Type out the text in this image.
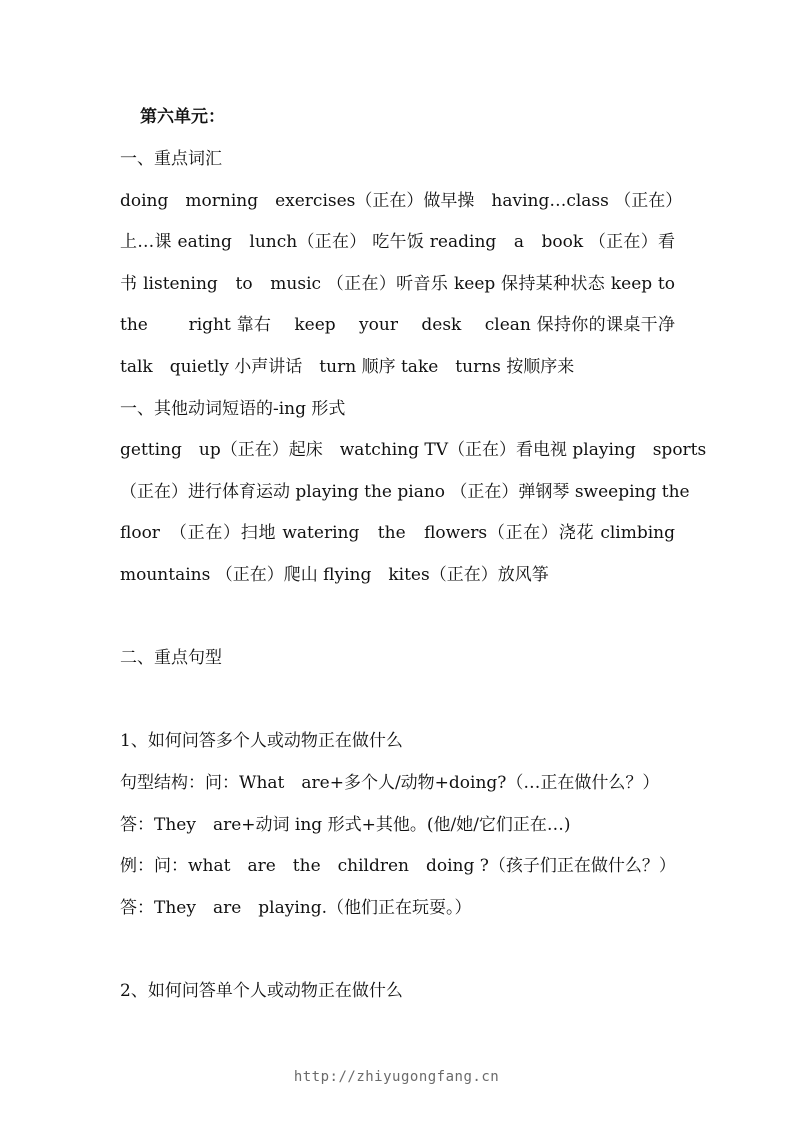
第六单元：
一、重点词汇
doing　morning　exercises（正在）做早操　having…class （正在）
上…课 eating　lunch（正在） 吃午饭 reading　a　book （正在）看
书 listening　to　music （正在）听音乐 keep 保持某种状态 keep to
the　　 right 靠右　 keep　 your　 desk　 clean 保持你的课桌干净
talk　quietly 小声讲话　turn 顺序 take　turns 按顺序来
一、其他动词短语的-ing 形式
getting　up（正在）起床　watching TV（正在）看电视 playing　sports
（正在）进行体育运动 playing the piano （正在）弹钢琴 sweeping the
floor　（正在）扫地 watering　the　flowers（正在）浇花 climbing
mountains （正在）爬山 flying　kites（正在）放风筝
二、重点句型
1、如何问答多个人或动物正在做什么
句型结构：问：What　are+多个人/动物+doing?（…正在做什么？）
答：They　are+动词 ing 形式+其他。(他/她/它们正在…)
例：问：what　are　the　children　doing ?（孩子们正在做什么？）
答：They　are　playing.（他们正在玩耍。）
2、如何问答单个人或动物正在做什么
http://zhiyugongfang.cn
